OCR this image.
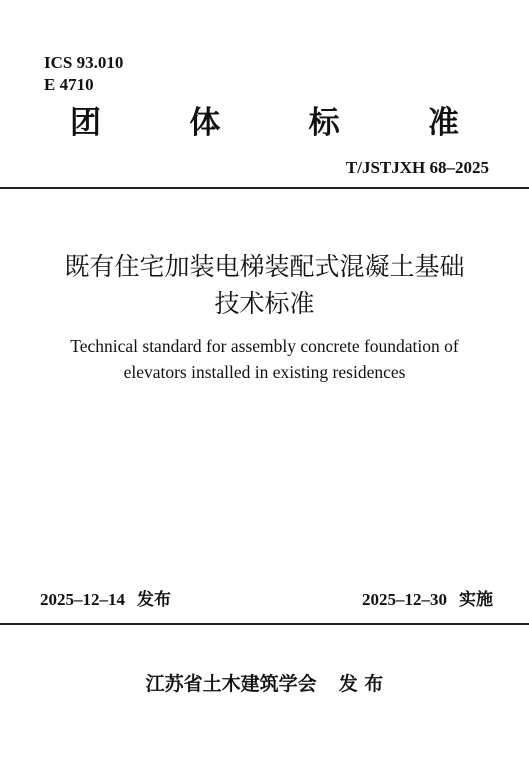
ICS 93.010
E 4710
团	体	标	准
T/JSTJXH 68–2025
既有住宅加装电梯装配式混凝土基础
技术标准
Technical standard for assembly concrete foundation of
elevators installed in existing residences
2025–12–14 发布	2025–12–30 实施
江苏省土木建筑学会 发 布
